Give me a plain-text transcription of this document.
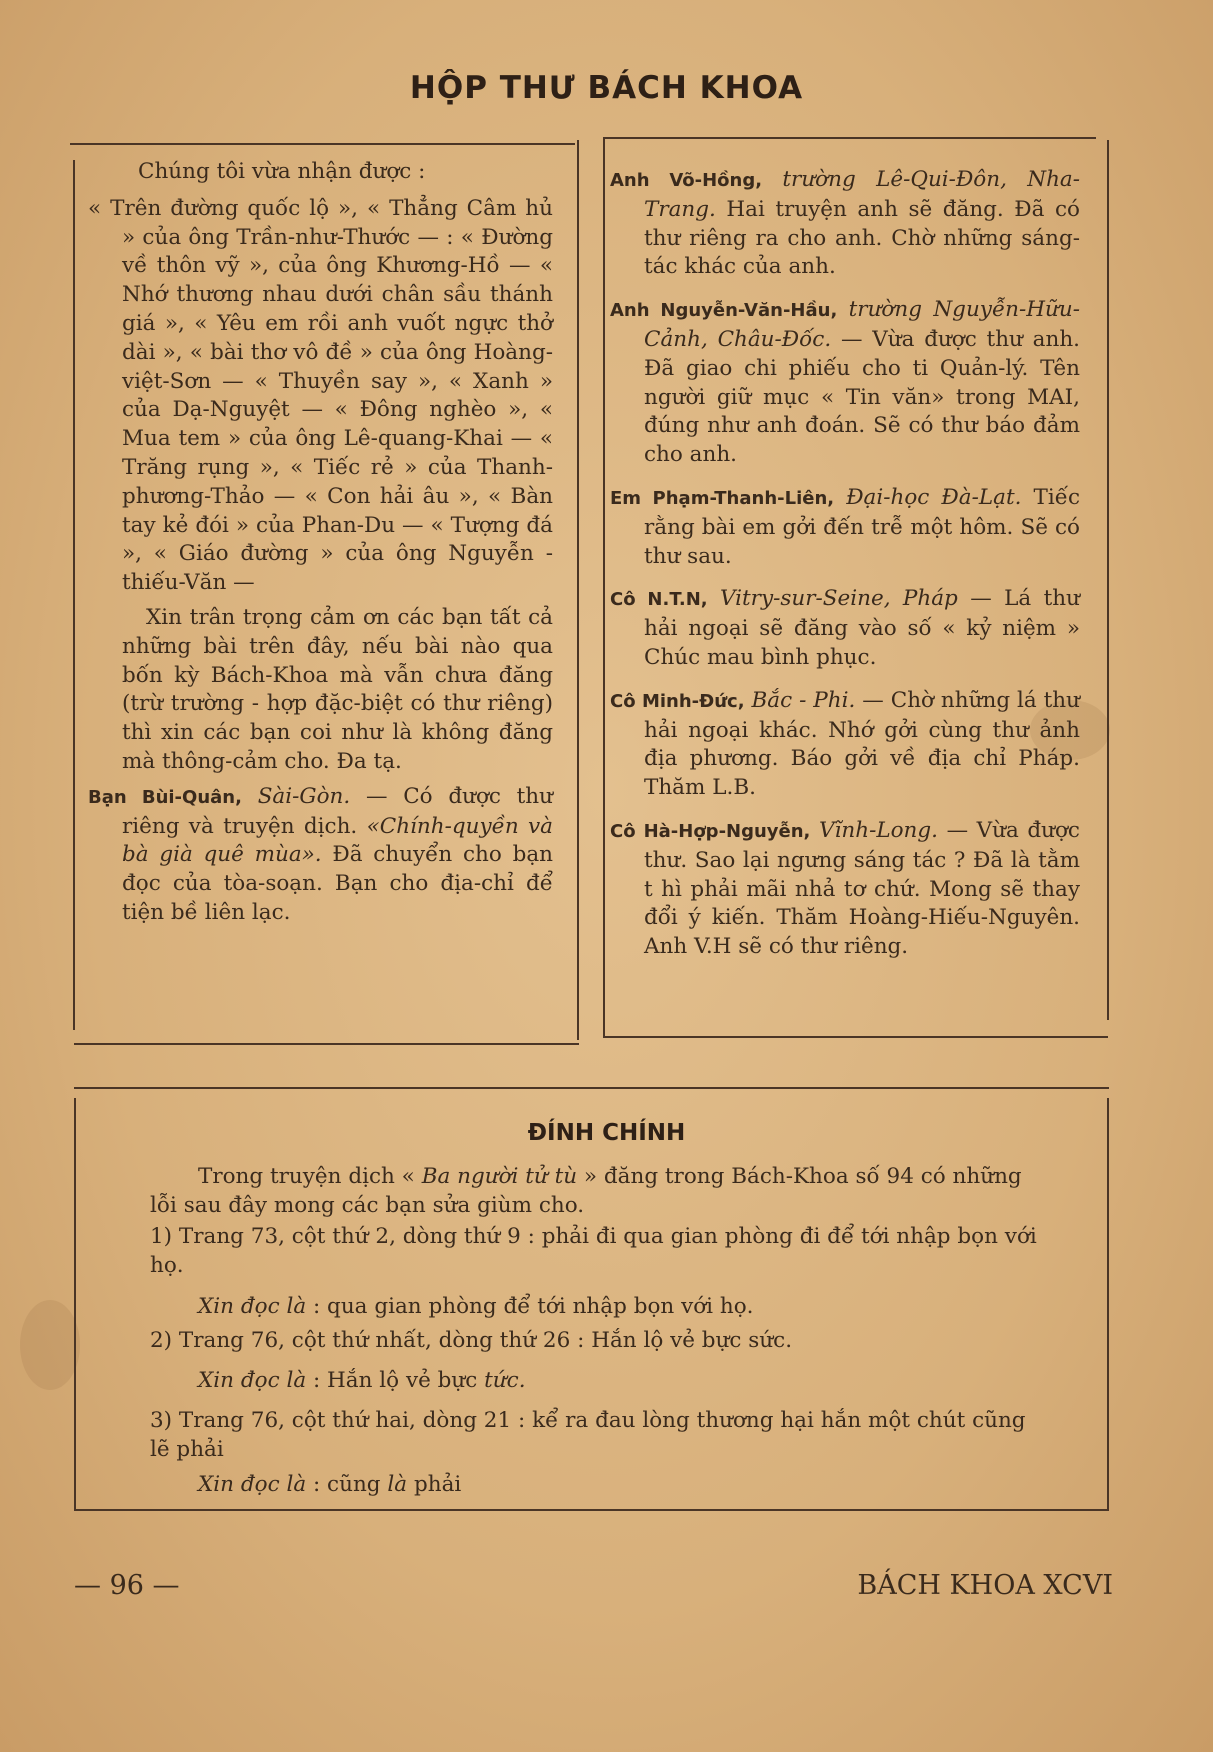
HỘP THƯ BÁCH KHOA

Chúng tôi vừa nhận được :

« Trên đường quốc lộ », « Thẳng Câm hủ » của ông Trần-như-Thước — : « Đường về thôn vỹ », của ông Khương-Hồ — « Nhớ thương nhau dưới chân sầu thánh giá », « Yêu em rồi anh vuốt ngực thở dài », « bài thơ vô đề » của ông Hoàng-việt-Sơn — « Thuyền say », « Xanh » của Dạ-Nguyệt — « Đông nghèo », « Mua tem » của ông Lê-quang-Khai — « Trăng rụng », « Tiếc rẻ » của Thanh-phương-Thảo — « Con hải âu », « Bàn tay kẻ đói » của Phan-Du — « Tượng đá », « Giáo đường » của ông Nguyễn - thiếu-Văn —

Xin trân trọng cảm ơn các bạn tất cả những bài trên đây, nếu bài nào qua bốn kỳ Bách-Khoa mà vẫn chưa đăng (trừ trường - hợp đặc-biệt có thư riêng) thì xin các bạn coi như là không đăng mà thông-cảm cho. Đa tạ.

Bạn Bùi-Quân, Sài-Gòn. — Có được thư riêng và truyện dịch. «Chính-quyền và bà già quê mùa». Đã chuyển cho bạn đọc của tòa-soạn. Bạn cho địa-chỉ để tiện bề liên lạc.

Anh Võ-Hồng, trường Lê-Qui-Đôn, Nha-Trang. Hai truyện anh sẽ đăng. Đã có thư riêng ra cho anh. Chờ những sáng-tác khác của anh.

Anh Nguyễn-Văn-Hầu, trường Nguyễn-Hữu-Cảnh, Châu-Đốc. — Vừa được thư anh. Đã giao chi phiếu cho ti Quản-lý. Tên người giữ mục « Tin văn» trong MAI, đúng như anh đoán. Sẽ có thư báo đảm cho anh.

Em Phạm-Thanh-Liên, Đại-học Đà-Lạt. Tiếc rằng bài em gởi đến trễ một hôm. Sẽ có thư sau.

Cô N.T.N, Vitry-sur-Seine, Pháp — Lá thư hải ngoại sẽ đăng vào số « kỷ niệm » Chúc mau bình phục.

Cô Minh-Đức, Bắc - Phi. — Chờ những lá thư hải ngoại khác. Nhớ gởi cùng thư ảnh địa phương. Báo gởi về địa chỉ Pháp. Thăm L.B.

Cô Hà-Hợp-Nguyễn, Vĩnh-Long. — Vừa được thư. Sao lại ngưng sáng tác ? Đã là tằm t hì phải mãi nhả tơ chứ. Mong sẽ thay đổi ý kiến. Thăm Hoàng-Hiếu-Nguyên. Anh V.H sẽ có thư riêng.

ĐÍNH CHÍNH

Trong truyện dịch « Ba người tử tù » đăng trong Bách-Khoa số 94 có những lỗi sau đây mong các bạn sửa giùm cho.

1) Trang 73, cột thứ 2, dòng thứ 9 : phải đi qua gian phòng đi để tới nhập bọn với họ.

Xin đọc là : qua gian phòng để tới nhập bọn với họ.

2) Trang 76, cột thứ nhất, dòng thứ 26 : Hắn lộ vẻ bực sức.

Xin đọc là : Hắn lộ vẻ bực tức.

3) Trang 76, cột thứ hai, dòng 21 : kể ra đau lòng thương hại hắn một chút cũng lẽ phải

Xin đọc là : cũng là phải

— 96 —	BÁCH KHOA XCVI
